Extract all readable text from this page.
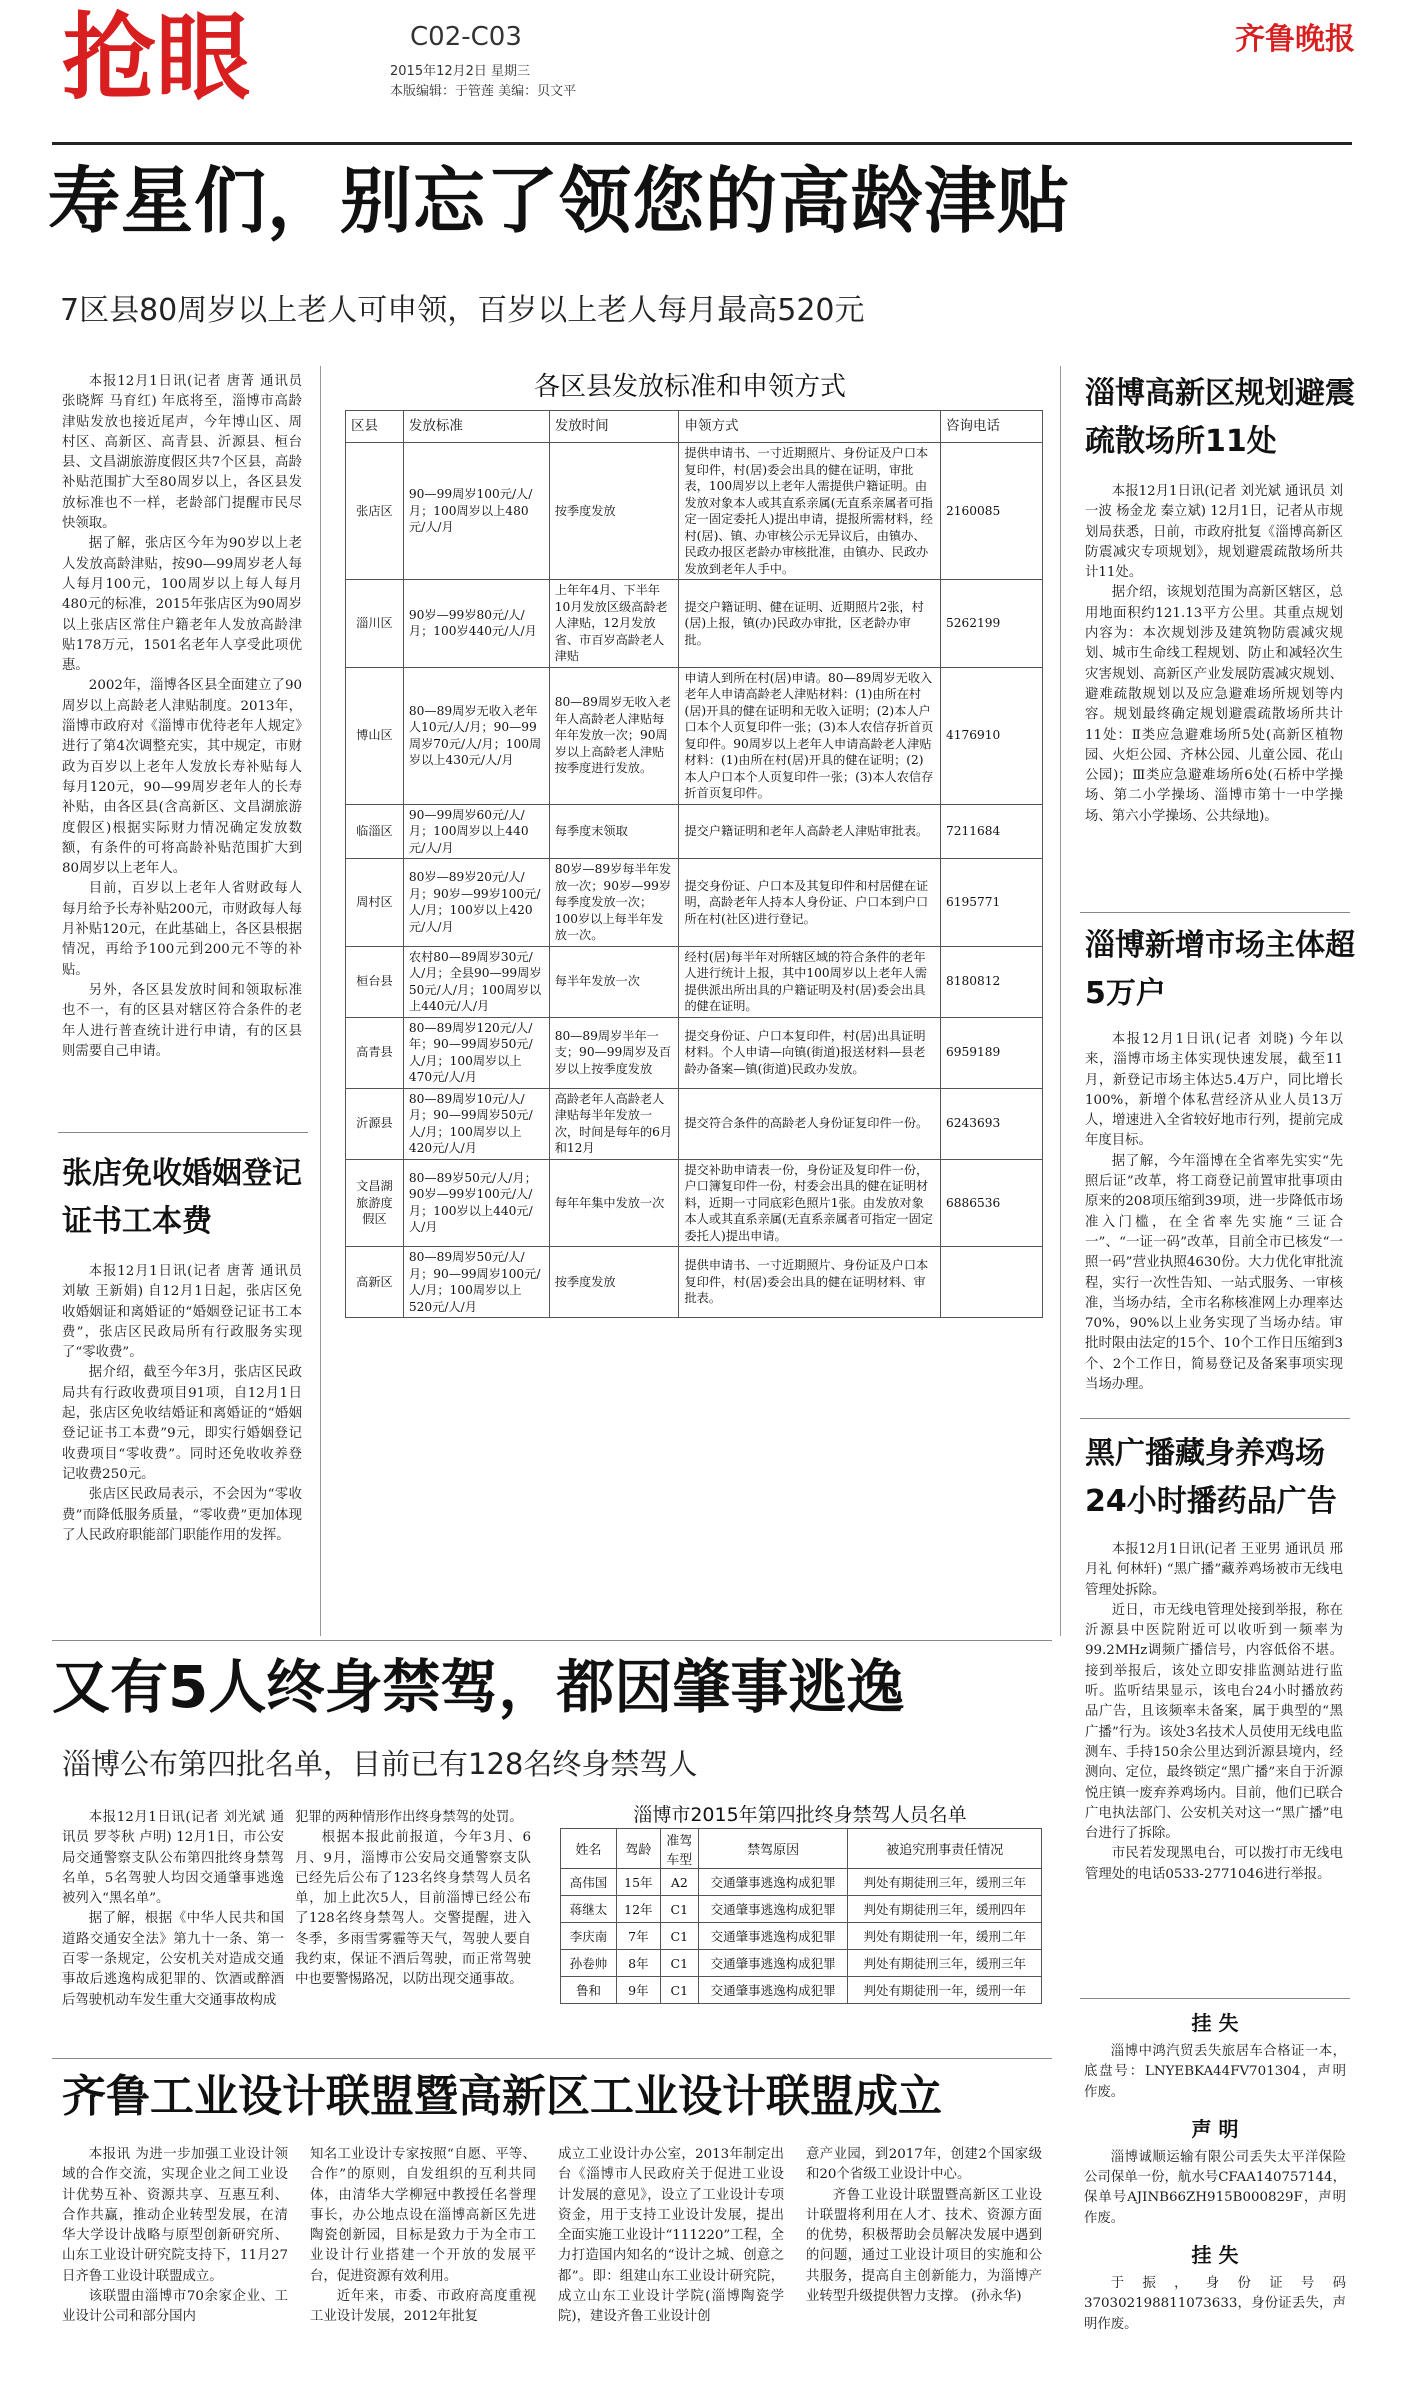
抢眼	C02-C03
2015年12月2日 星期三
本版编辑：于管莲 美编：贝文平
齐鲁晚报
寿星们，别忘了领您的高龄津贴
7区县80周岁以上老人可申领，百岁以上老人每月最高520元

本报12月1日讯(记者 唐菁 通讯员 张晓辉 马育红) 年底将至，淄博市高龄津贴发放也接近尾声，今年博山区、周村区、高新区、高青县、沂源县、桓台县、文昌湖旅游度假区共7个区县，高龄补贴范围扩大至80周岁以上，各区县发放标准也不一样，老龄部门提醒市民尽快领取。

据了解，张店区今年为90岁以上老人发放高龄津贴，按90—99周岁老人每人每月100元，100周岁以上每人每月480元的标准，2015年张店区为90周岁以上张店区常住户籍老年人发放高龄津贴178万元，1501名老年人享受此项优惠。

2002年，淄博各区县全面建立了90周岁以上高龄老人津贴制度。2013年，淄博市政府对《淄博市优待老年人规定》进行了第4次调整充实，其中规定，市财政为百岁以上老年人发放长寿补贴每人每月120元，90—99周岁老年人的长寿补贴，由各区县(含高新区、文昌湖旅游度假区)根据实际财力情况确定发放数额，有条件的可将高龄补贴范围扩大到80周岁以上老年人。

目前，百岁以上老年人省财政每人每月给予长寿补贴200元，市财政每人每月补贴120元，在此基础上，各区县根据情况，再给予100元到200元不等的补贴。

另外，各区县发放时间和领取标准也不一，有的区县对辖区符合条件的老年人进行普查统计进行申请，有的区县则需要自己申请。

各区县发放标准和申领方式
区县	发放标准	发放时间	申领方式	咨询电话
张店区	90—99周岁100元/人/月；100周岁以上480元/人/月	按季度发放	提供申请书、一寸近期照片、身份证及户口本复印件，村(居)委会出具的健在证明，审批表，100周岁以上老年人需提供户籍证明。由发放对象本人或其直系亲属(无直系亲属者可指定一固定委托人)提出申请，提报所需材料，经村(居)、镇、办审核公示无异议后，由镇办、民政办报区老龄办审核批准，由镇办、民政办发放到老年人手中。	2160085
淄川区	90岁—99岁80元/人/月；100岁440元/人/月	上年年4月、下半年10月发放区级高龄老人津贴，12月发放省、市百岁高龄老人津贴	提交户籍证明、健在证明、近期照片2张，村(居)上报，镇(办)民政办审批，区老龄办审批。	5262199
博山区	80—89周岁无收入老年人10元/人/月；90—99周岁70元/人/月；100周岁以上430元/人/月	80—89周岁无收入老年人高龄老人津贴每年年发放一次；90周岁以上高龄老人津贴按季度进行发放。	申请人到所在村(居)申请。80—89周岁无收入老年人申请高龄老人津贴材料：(1)由所在村(居)开具的健在证明和无收入证明；(2)本人户口本个人页复印件一张；(3)本人农信存折首页复印件。90周岁以上老年人申请高龄老人津贴材料：(1)由所在村(居)开具的健在证明；(2)本人户口本个人页复印件一张；(3)本人农信存折首页复印件。	4176910
临淄区	90—99周岁60元/人/月；100周岁以上440元/人/月	每季度末领取	提交户籍证明和老年人高龄老人津贴审批表。	7211684
周村区	80岁—89岁20元/人/月；90岁—99岁100元/人/月；100岁以上420元/人/月	80岁—89岁每半年发放一次；90岁—99岁每季度发放一次；100岁以上每半年发放一次。	提交身份证、户口本及其复印件和村居健在证明，高龄老年人持本人身份证、户口本到户口所在村(社区)进行登记。	6195771
桓台县	农村80—89周岁30元/人/月；全县90—99周岁50元/人/月；100周岁以上440元/人/月	每半年发放一次	经村(居)每半年对所辖区域的符合条件的老年人进行统计上报，其中100周岁以上老年人需提供派出所出具的户籍证明及村(居)委会出具的健在证明。	8180812
高青县	80—89周岁120元/人/年；90—99周岁50元/人/月；100周岁以上470元/人/月	80—89周岁半年一支；90—99周岁及百岁以上按季度发放	提交身份证、户口本复印件，村(居)出具证明材料。个人申请—向镇(街道)报送材料—县老龄办备案—镇(街道)民政办发放。	6959189
沂源县	80—89周岁10元/人/月；90—99周岁50元/人/月；100周岁以上420元/人/月	高龄老年人高龄老人津贴每半年发放一次，时间是每年的6月和12月	提交符合条件的高龄老人身份证复印件一份。	6243693
文昌湖旅游度假区	80—89岁50元/人/月；90岁—99岁100元/人/月；100岁以上440元/人/月	每年年集中发放一次	提交补助申请表一份，身份证及复印件一份，户口簿复印件一份，村委会出具的健在证明材料，近期一寸同底彩色照片1张。由发放对象本人或其直系亲属(无直系亲属者可指定一固定委托人)提出申请。	6886536
高新区	80—89周岁50元/人/月；90—99周岁100元/人/月；100周岁以上520元/人/月	按季度发放	提供申请书、一寸近期照片、身份证及户口本复印件，村(居)委会出具的健在证明材料、审批表。	
张店免收婚姻登记证书工本费

本报12月1日讯(记者 唐菁 通讯员 刘敏 王新娟) 自12月1日起，张店区免收婚姻证和离婚证的“婚姻登记证书工本费”，张店区民政局所有行政服务实现了“零收费”。

据介绍，截至今年3月，张店区民政局共有行政收费项目91项，自12月1日起，张店区免收结婚证和离婚证的“婚姻登记证书工本费”9元，即实行婚姻登记收费项目“零收费”。同时还免收收养登记收费250元。

张店区民政局表示，不会因为“零收费”而降低服务质量，“零收费”更加体现了人民政府职能部门职能作用的发挥。

淄博高新区规划避震疏散场所11处

本报12月1日讯(记者 刘光斌 通讯员 刘一波 杨金龙 秦立斌) 12月1日，记者从市规划局获悉，日前，市政府批复《淄博高新区防震减灾专项规划》，规划避震疏散场所共计11处。

据介绍，该规划范围为高新区辖区，总用地面积约121.13平方公里。其重点规划内容为：本次规划涉及建筑物防震减灾规划、城市生命线工程规划、防止和减轻次生灾害规划、高新区产业发展防震减灾规划、避难疏散规划以及应急避难场所规划等内容。规划最终确定规划避震疏散场所共计11处：Ⅱ类应急避难场所5处(高新区植物园、火炬公园、齐林公园、儿童公园、花山公园)；Ⅲ类应急避难场所6处(石桥中学操场、第二小学操场、淄博市第十一中学操场、第六小学操场、公共绿地)。

淄博新增市场主体超5万户

本报12月1日讯(记者 刘晓) 今年以来，淄博市场主体实现快速发展，截至11月，新登记市场主体达5.4万户，同比增长100%，新增个体私营经济从业人员13万人，增速进入全省较好地市行列，提前完成年度目标。

据了解，今年淄博在全省率先实实“先照后证”改革，将工商登记前置审批事项由原来的208项压缩到39项，进一步降低市场准入门槛，在全省率先实施“三证合一”、“一证一码”改革，目前全市已核发“一照一码”营业执照4630份。大力优化审批流程，实行一次性告知、一站式服务、一审核准，当场办结，全市名称核准网上办理率达70%，90%以上业务实现了当场办结。审批时限由法定的15个、10个工作日压缩到3个、2个工作日，简易登记及备案事项实现当场办理。

黑广播藏身养鸡场24小时播药品广告

本报12月1日讯(记者 王亚男 通讯员 邢月礼 何林轩) “黑广播”藏养鸡场被市无线电管理处拆除。

近日，市无线电管理处接到举报，称在沂源县中医院附近可以收听到一频率为99.2MHz调频广播信号，内容低俗不堪。接到举报后，该处立即安排监测站进行监听。监听结果显示，该电台24小时播放药品广告，且该频率未备案，属于典型的“黑广播”行为。该处3名技术人员使用无线电监测车、手持150余公里达到沂源县境内，经测向、定位，最终锁定“黑广播”来自于沂源悦庄镇一废弃养鸡场内。目前，他们已联合广电执法部门、公安机关对这一“黑广播”电台进行了拆除。

市民若发现黑电台，可以拨打市无线电管理处的电话0533-2771046进行举报。

挂 失

淄博中鸿汽贸丢失旅居车合格证一本，底盘号：LNYEBKA44FV701304，声明作废。

声 明

淄博诚顺运输有限公司丢失太平洋保险公司保单一份，航水号CFAA140757144，保单号AJINB66ZH915B000829F，声明作废。

挂 失

于振，身份证号码370302198811073633，身份证丢失，声明作废。

又有5人终身禁驾，都因肇事逃逸
淄博公布第四批名单，目前已有128名终身禁驾人

本报12月1日讯(记者 刘光斌 通讯员 罗苓秋 卢明) 12月1日，市公安局交通警察支队公布第四批终身禁驾名单，5名驾驶人均因交通肇事逃逸被列入“黑名单”。

据了解，根据《中华人民共和国道路交通安全法》第九十一条、第一百零一条规定，公安机关对造成交通事故后逃逸构成犯罪的、饮酒或醉酒后驾驶机动车发生重大交通事故构成

犯罪的两种情形作出终身禁驾的处罚。

根据本报此前报道，今年3月、6月、9月，淄博市公安局交通警察支队已经先后公布了123名终身禁驾人员名单，加上此次5人，目前淄博已经公布了128名终身禁驾人。交警提醒，进入冬季，多雨雪雾霾等天气，驾驶人要自我约束，保证不酒后驾驶，而正常驾驶中也要警惕路况，以防出现交通事故。

淄博市2015年第四批终身禁驾人员名单
姓名	驾龄	准驾车型	禁驾原因	被追究刑事责任情况
高伟国	15年	A2	交通肇事逃逸构成犯罪	判处有期徒刑三年，缓刑三年
蒋继太	12年	C1	交通肇事逃逸构成犯罪	判处有期徒刑三年，缓刑四年
李庆南	7年	C1	交通肇事逃逸构成犯罪	判处有期徒刑一年，缓刑二年
孙卷帅	8年	C1	交通肇事逃逸构成犯罪	判处有期徒刑三年，缓刑三年
鲁和	9年	C1	交通肇事逃逸构成犯罪	判处有期徒刑一年，缓刑一年
齐鲁工业设计联盟暨高新区工业设计联盟成立

本报讯 为进一步加强工业设计领域的合作交流，实现企业之间工业设计优势互补、资源共享、互惠互利、合作共赢，推动企业转型发展，在清华大学设计战略与原型创新研究所、山东工业设计研究院支持下，11月27日齐鲁工业设计联盟成立。

该联盟由淄博市70余家企业、工业设计公司和部分国内

知名工业设计专家按照“自愿、平等、合作”的原则，自发组织的互利共同体，由清华大学柳冠中教授任名誉理事长，办公地点设在淄博高新区先进陶瓷创新园，目标是致力于为全市工业设计行业搭建一个开放的发展平台，促进资源有效利用。

近年来，市委、市政府高度重视工业设计发展，2012年批复

成立工业设计办公室，2013年制定出台《淄博市人民政府关于促进工业设计发展的意见》，设立了工业设计专项资金，用于支持工业设计发展，提出全面实施工业设计“111220”工程，全力打造国内知名的“设计之城、创意之都”。即：组建山东工业设计研究院，成立山东工业设计学院(淄博陶瓷学院)，建设齐鲁工业设计创

意产业园，到2017年，创建2个国家级和20个省级工业设计中心。

齐鲁工业设计联盟暨高新区工业设计联盟将利用在人才、技术、资源方面的优势，积极帮助会员解决发展中遇到的问题，通过工业设计项目的实施和公共服务，提高自主创新能力，为淄博产业转型升级提供智力支撑。 (孙永华)
